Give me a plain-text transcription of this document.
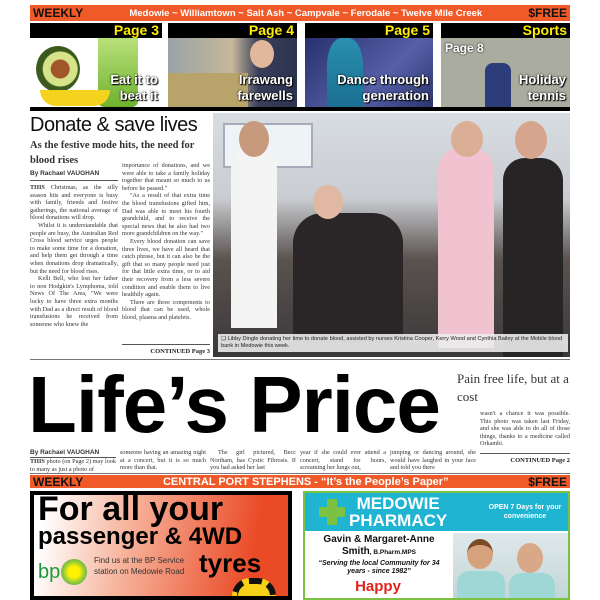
WEEKLY	Medowie ~ Williamtown ~ Salt Ash ~ Campvale ~ Ferodale ~ Twelve Mile Creek	$FREE
Page 3
Eat it to beat it
Page 4
Irrawang farewells
Page 5
Dance through generation
Sports
Page 8
Holiday tennis
❑ Libby Dingle donating her time to donate blood, assisted by nurses Kristina Cooper, Kerry Wood and Cynthia Bailey at the Mobile blood bank in Medowie this week.
Donate & save lives
As the festive mode hits, the need for blood rises
By Rachael VAUGHAN

THIS Christmas, as the silly season hits and everyone is busy with family, friends and festive gatherings, the national average of blood donations will drop.

Whilst it is understandable that people are busy, the Australian Red Cross blood service urges people to make some time for a donation, and help them get through a time when donations drop dramatically, but the need for blood rises.

Kelli Bell, who lost her father to non Hodgkin's Lymphoma, told News Of The Area, "We were lucky to have three extra months with Dad as a direct result of blood transfusions he received from someone who knew the

importance of donations, and we were able to take a family holiday together that meant so much to us before he passed."

"As a result of that extra time the blood transfusions gifted him, Dad was able to meet his fourth grandchild, and to receive the special news that he also had two more grandchildren on the way."

Every blood donation can save three lives, we have all heard that catch phrase, but it can also be the gift that so many people need just for that little extra time, or to aid their recovery from a less severe condition and enable them to live healthily again.

There are three components to blood that can be used, whole blood, plasma and platelets.

CONTINUED Page 3
Life’s Price Pain free life, but at a cost
wasn't a chance it was possible. This photo was taken last Friday, and she was able to do all of those things, thanks to a medicine called Orkambi.
CONTINUED Page 2
By Rachael VAUGHAN
THIS photo (on Page 2) may look to many as just a photo of
someone having an amazing night at a concert, but it is so much more than that.
The girl pictured, Becc Northam, has Cystic Fibrosis. If you had asked her last
year if she could ever attend a concert, stand for hours, screaming her lungs out,
jumping or dancing around, she would have laughed in your face and told you there
WEEKLY	CENTRAL PORT STEPHENS - “It’s the People’s Paper”	$FREE
For all your
passenger & 4WD
tyres
bp
Find us at the BP Service station on Medowie Road
MEDOWIE
PHARMACY
OPEN 7 Days for your convenience
Gavin & Margaret-Anne Smith, B.Pharm.MPS
“Serving the local Community for 34 years - since 1982”
Happy
